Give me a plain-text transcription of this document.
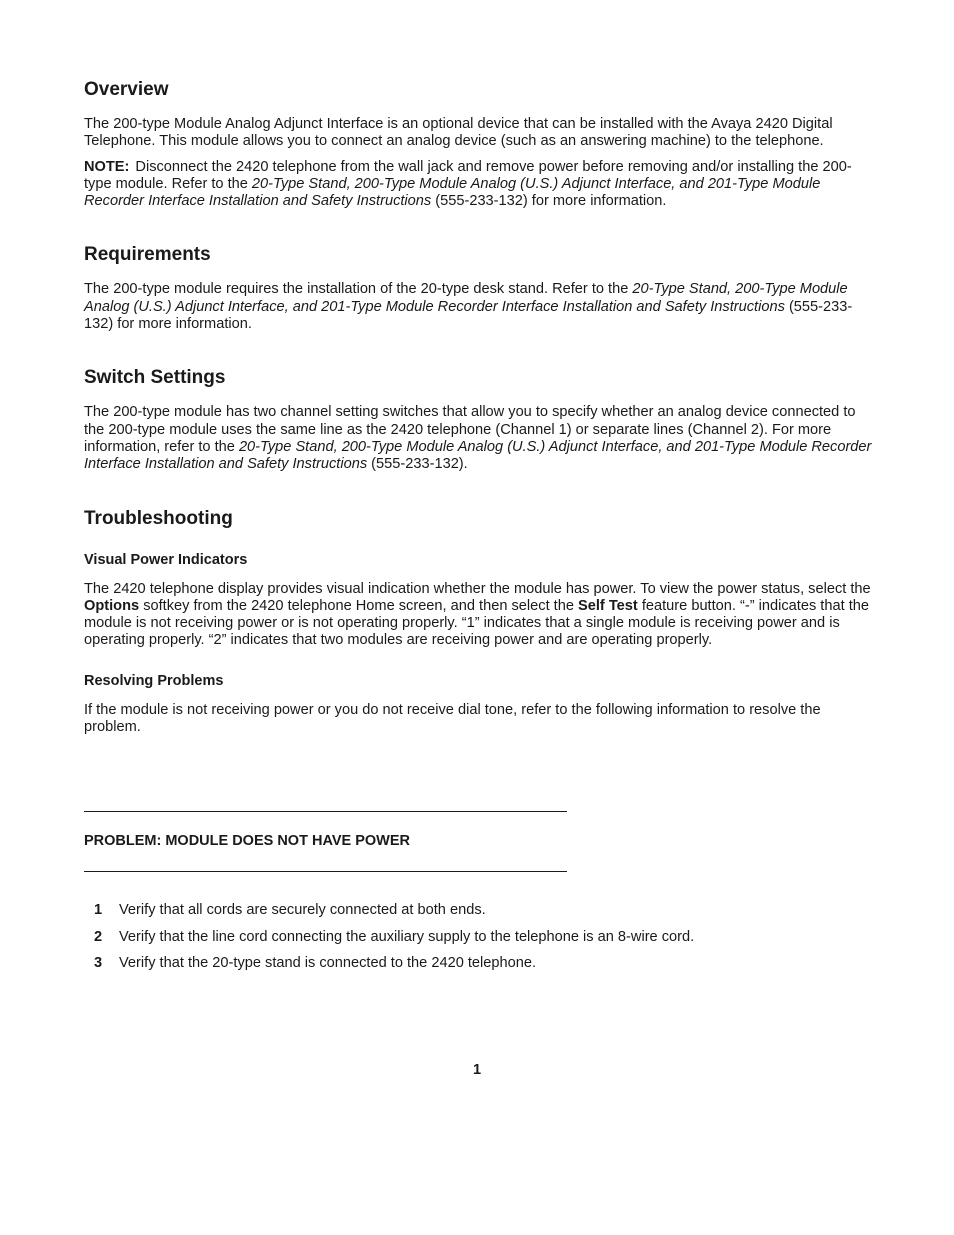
Overview

The 200-type Module Analog Adjunct Interface is an optional device that can be installed with the Avaya 2420 Digital Telephone. This module allows you to connect an analog device (such as an answering machine) to the telephone.

NOTE: Disconnect the 2420 telephone from the wall jack and remove power before removing and/or installing the 200-type module. Refer to the 20-Type Stand, 200-Type Module Analog (U.S.) Adjunct Interface, and 201-Type Module Recorder Interface Installation and Safety Instructions (555-233-132) for more information.

Requirements

The 200-type module requires the installation of the 20-type desk stand. Refer to the 20-Type Stand, 200-Type Module Analog (U.S.) Adjunct Interface, and 201-Type Module Recorder Interface Installation and Safety Instructions (555-233-132) for more information.

Switch Settings

The 200-type module has two channel setting switches that allow you to specify whether an analog device connected to the 200-type module uses the same line as the 2420 telephone (Channel 1) or separate lines (Channel 2). For more information, refer to the 20-Type Stand, 200-Type Module Analog (U.S.) Adjunct Interface, and 201-Type Module Recorder Interface Installation and Safety Instructions (555-233-132).

Troubleshooting
Visual Power Indicators

The 2420 telephone display provides visual indication whether the module has power. To view the power status, select the Options softkey from the 2420 telephone Home screen, and then select the Self Test feature button. “-” indicates that the module is not receiving power or is not operating properly. “1” indicates that a single module is receiving power and is operating properly. “2” indicates that two modules are receiving power and are operating properly.

Resolving Problems

If the module is not receiving power or you do not receive dial tone, refer to the following information to resolve the problem.

PROBLEM: MODULE DOES NOT HAVE POWER
1	Verify that all cords are securely connected at both ends.
2	Verify that the line cord connecting the auxiliary supply to the telephone is an 8-wire cord.
3	Verify that the 20-type stand is connected to the 2420 telephone.
1
